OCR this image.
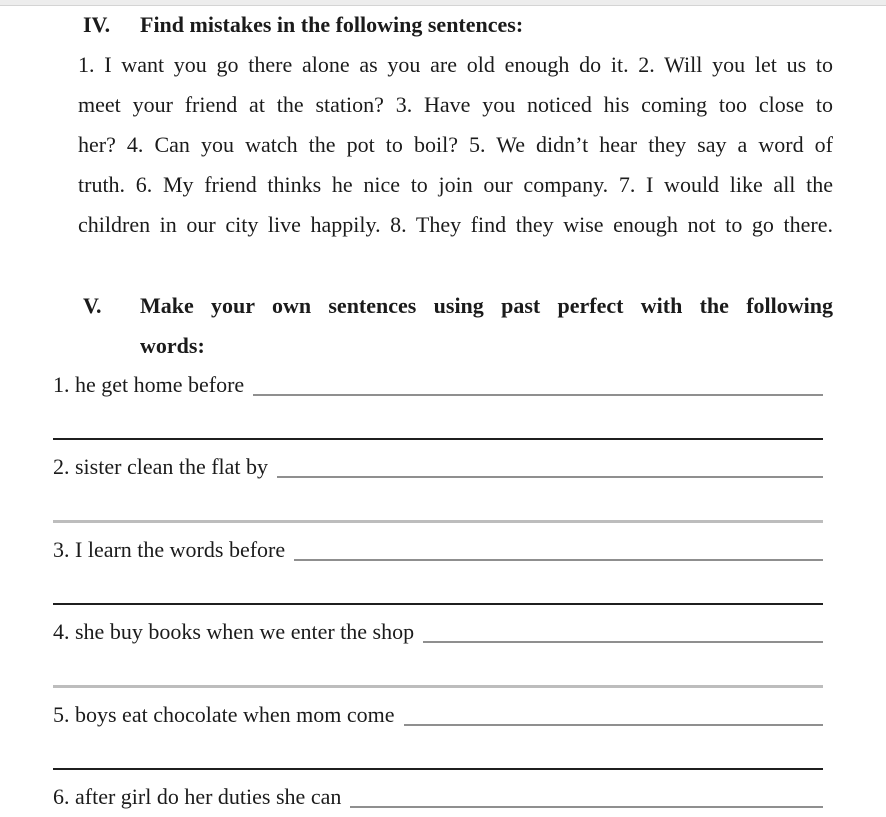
IV.	Find mistakes in the following sentences:
1. I want you go there alone as you are old enough do it. 2. Will you let us to
meet your friend at the station? 3. Have you noticed his coming too close to
her? 4. Can you watch the pot to boil? 5. We didn’t hear they say a word of
truth. 6. My friend thinks he nice to join our company. 7. I would like all the
children in our city live happily. 8. They find they wise enough not to go there.
V.	Make your own sentences using past perfect with the following
words:
1. he get home before
2. sister clean the flat by
3. I learn the words before
4. she buy books when we enter the shop
5. boys eat chocolate when mom come
6. after girl do her duties she can
